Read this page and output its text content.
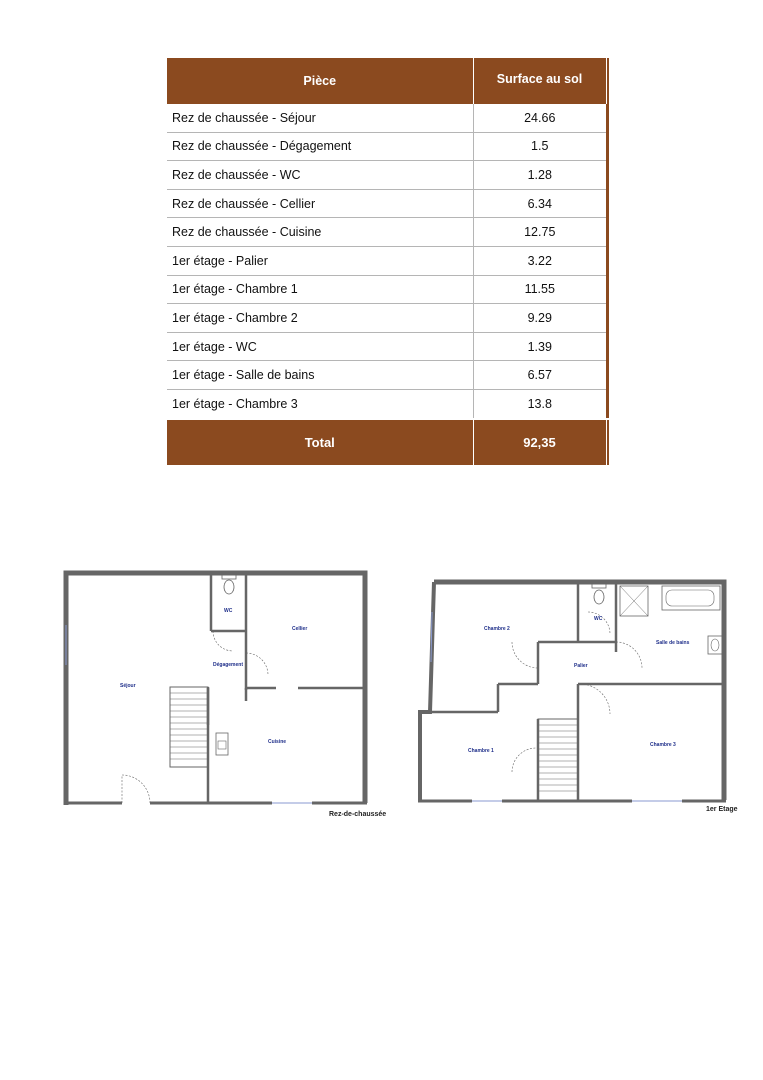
Pièce	Surface au sol	
Rez de chaussée - Séjour	24.66	
Rez de chaussée - Dégagement	1.5	
Rez de chaussée - WC	1.28	
Rez de chaussée - Cellier	6.34	
Rez de chaussée - Cuisine	12.75	
1er étage - Palier	3.22	
1er étage - Chambre 1	11.55	
1er étage - Chambre 2	9.29	
1er étage - WC	1.39	
1er étage - Salle de bains	6.57	
1er étage - Chambre 3	13.8	
Total	92,35	
Séjour
WC
Cellier
Dégagement
Cuisine
Rez-de-chaussée
Chambre 2
WC
Salle de bains
Palier
Chambre 1
Chambre 3
1er Etage
